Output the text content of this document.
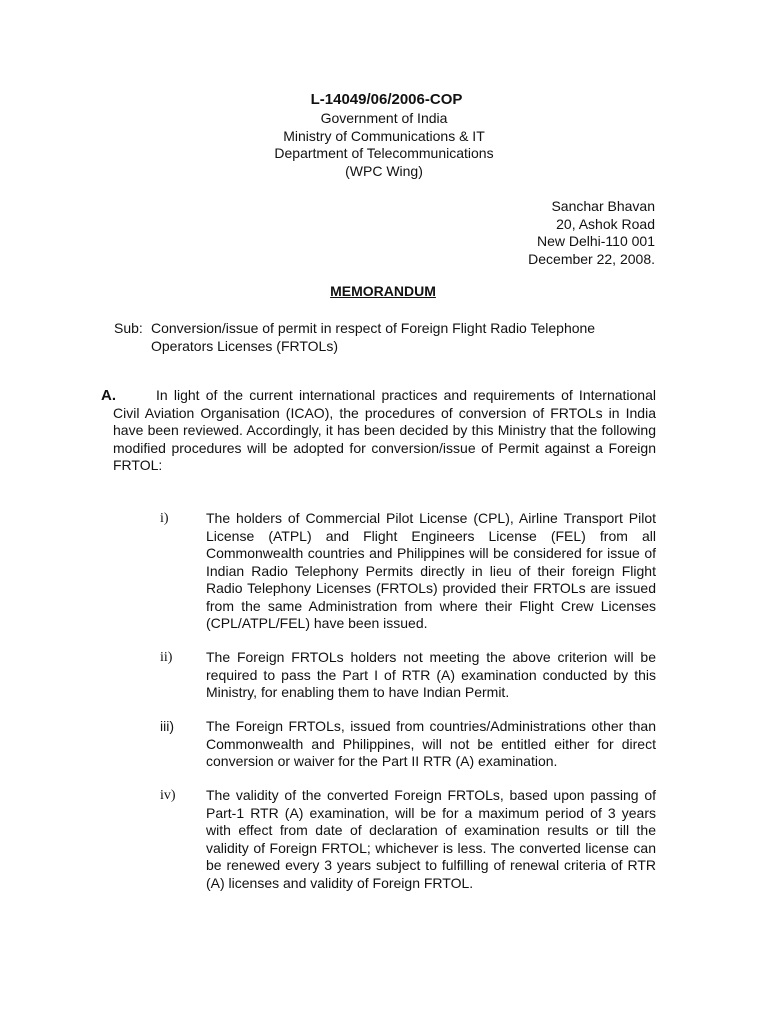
L-14049/06/2006-COP
Government of India
Ministry of Communications & IT
Department of Telecommunications
(WPC Wing)
Sanchar Bhavan
20, Ashok Road
New Delhi-110 001
December 22, 2008.
MEMORANDUM
Sub: Conversion/issue of permit in respect of Foreign Flight Radio Telephone
Operators Licenses (FRTOLs)
A.	In light of the current international practices and requirements of International Civil Aviation Organisation (ICAO), the procedures of conversion of FRTOLs in India have been reviewed. Accordingly, it has been decided by this Ministry that the following modified procedures will be adopted for conversion/issue of Permit against a Foreign FRTOL:
i)	The holders of Commercial Pilot License (CPL), Airline Transport Pilot License (ATPL) and Flight Engineers License (FEL) from all Commonwealth countries and Philippines will be considered for issue of Indian Radio Telephony Permits directly in lieu of their foreign Flight Radio Telephony Licenses (FRTOLs) provided their FRTOLs are issued from the same Administration from where their Flight Crew Licenses (CPL/ATPL/FEL) have been issued.
ii) The Foreign FRTOLs holders not meeting the above criterion will be required to pass the Part I of RTR (A) examination conducted by this Ministry, for enabling them to have Indian Permit.
iii) The Foreign FRTOLs, issued from countries/Administrations other than Commonwealth and Philippines, will not be entitled either for direct conversion or waiver for the Part II RTR (A) examination.
iv) The validity of the converted Foreign FRTOLs, based upon passing of Part-1 RTR (A) examination, will be for a maximum period of 3 years with effect from date of declaration of examination results or till the validity of Foreign FRTOL; whichever is less. The converted license can be renewed every 3 years subject to fulfilling of renewal criteria of RTR (A) licenses and validity of Foreign FRTOL.
